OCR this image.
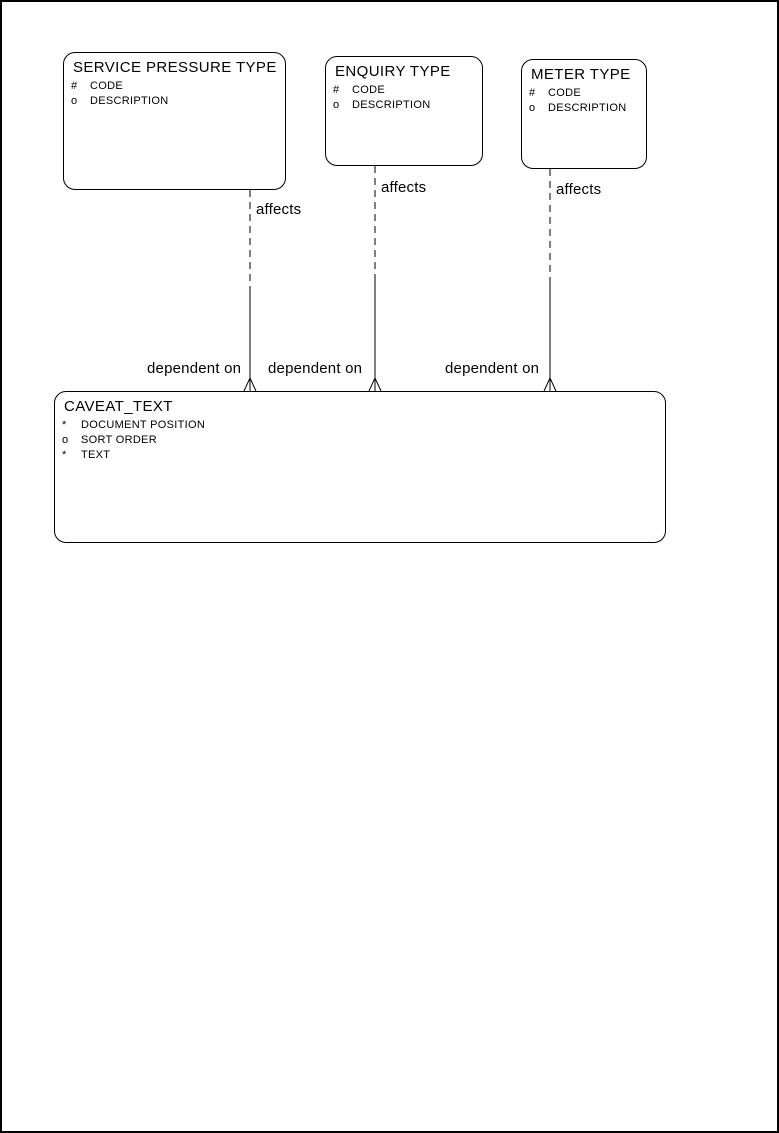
SERVICE PRESSURE TYPE
# CODE
o DESCRIPTION
ENQUIRY TYPE
# CODE
o DESCRIPTION
METER TYPE
# CODE
o DESCRIPTION
CAVEAT_TEXT
* DOCUMENT POSITION
o SORT ORDER
* TEXT
affects
affects	affects
dependent on dependent on	dependent on
